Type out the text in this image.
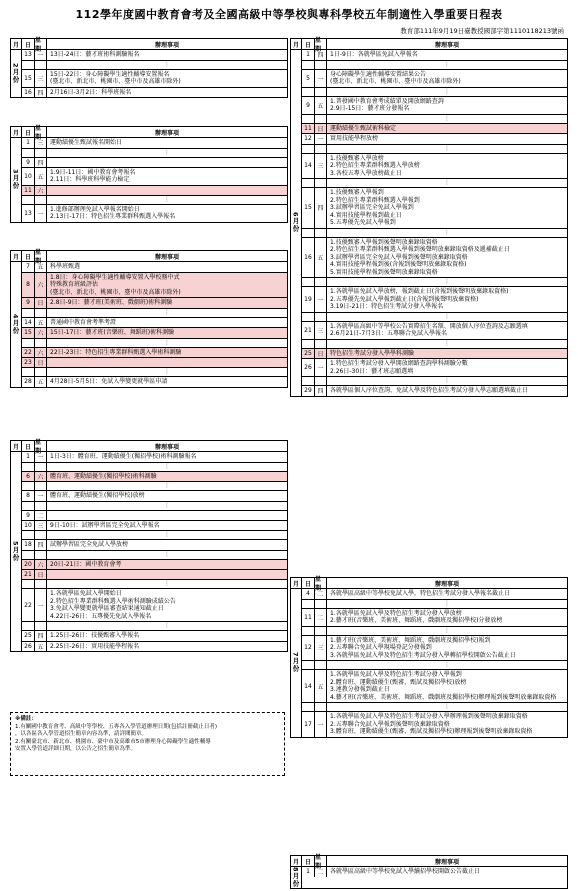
112學年度國中教育會考及全國高級中等學校與專科學校五年制適性入學重要日程表
教育部111年9月19日臺教授國部字第1110118213號函
※備註：
1.有關國中教育會考、高級中等學校、五專各入學管道辦理日期(包括註冊截止日者)
，以各區各入學管道招生簡章內容為準，請詳閱簡章。
2.有關臺北市、新北市、桃園市、臺中市及高雄市5市辦理身心障礙學生適性輔導
安置入學管道詳細日期，以公告之招生簡章為準。
月 日
星期
辦理事項
2月份
13 一	13日-24日：藝才班術科測驗報名
⋮
15 三
15日-22日：身心障礙學生適性輔導安置報名
(臺北市、新北市、桃園市、臺中市及高雄市除外)
16 四	2月16日-3月2日：科學班報名
月 日
星期
辦理事項
3月份
1	三	運動績優生甄試報名開始日
⋮
9	四
10 五
1.9日-11日：國中教育會考報名
2.11日：科學班科學能力檢定
11 六
⋮
13 一
1.進修部辦理免試入學報名開始日
2.13日-17日：特色招生專業群科甄選入學報名
月 日
星期
辦理事項
4月份
7	五	科學班甄選
8	六
1.8日：身心障礙學生適性輔導安置入學校務中式
特殊教育班級評估
(臺北市、新北市、桃園市、臺中市及高雄市除外)
9	日	2.8日-9日：藝才班(美術班、戲劇班)術科測驗
⋮
14 五	普通國中教育會考準考證
15 六	15日-17日：藝才班(音樂班、舞蹈班)術科測驗
⋮
22 六	22日-23日：特色招生專業群科甄選入學術科測驗
23 日
⋮
28 五	4月28日-5月5日：免試入學變更就學區申請
月 日
星期
辦理事項
5月份
1	一	1日-3日：體育班、運動績優生(獨招學校)術科測驗報名
⋮
6	六	體育班、運動績優生(獨招學校)術科測驗
⋮
8	一	體育班、運動績優生(獨招學校)放榜
⋮
9	二
10 三	9日-10日：試辦學習區完全免試入學報名
⋮
18 四	試辦學習區完全免試入學放榜
⋮
20 六	20日-21日：國中教育會考
21 日
⋮
22 一
1.各就學區免試入學開始日
2.特色招生專業群科甄選入學術科測驗成績公告
3.免試入學變更就學區審查結果通知截止日
4.22日-26日：五專優先免試入學報名
⋮
25 四	1.25日-26日：技優甄審入學報名
26 五	2.25日-26日：實用技能學程報名
月 日
星期
辦理事項
6月份
1	四	1日-9日：各就學區免試入學報名
⋮
5	一
身心障礙學生適性輔導安置結果公告
(臺北市、新北市、桃園市、臺中市及高雄市除外)
⋮
9	五
1.普發國中教育會考成績單及開放網路查詢
2.9日-15日：藝才班分發報名
⋮
11 日	運動績優生甄試術科檢定
12 一	實用技能學程放榜
⋮
14 三
1.技優甄審入學放榜
2.特色招生專業群科甄選入學放榜
3.各校五專入學放榜截止日
⋮
15 四
1.技優甄審入學報到
2.特色招生專業群科甄選入學報到
3.試辦學習區完全免試入學報到
4.實用技能學程報到截止日
5.五專優先免試入學報到
⋮
16 五
1.技優甄審入學報到後聲明放棄錄取資格
2.特色招生專業群科甄選入學報到後聲明放棄錄取資格及遞補截止日
3.試辦學習區完全免試入學報到後聲明放棄錄取資格
4.實用技能學程報到後(含報到後聲明放棄錄取資格)
5.實用技能學程報到後聲明放棄錄取資格
⋮
19 一
1.各就學區免試入學放榜，報到截止日(含報到後聲明放棄錄取資格)
2.五專優先免試入學報到截止日(含報到後聲明放棄資格)
3.19日-21日：特色招生考試分發入學報名
⋮
21 三
1.各就學區高級中等學校公告實際招生名額、開放個人序位查詢及志願選填
2.6月21日-7月3日：五專聯合免試入學報名
⋮
25 日	特色招生考試分發入學學科測驗
26 一
1.特色招生考試分發入學開放網路查詢學科測驗分數
2.26日-30日：藝才班志願選填
⋮
29 四	各就學區個人序位查詢、免試入學及特色招生考試分發入學志願選填截止日
月 日
星期
辦理事項
7月份
4	二	各就學區高級中等學校免試入學，特色招生考試分發入學報名截止日
⋮
11 二
1.各就學區免試入學及特色招生考試分發入學放榜
2.藝才班(音樂班、美術班、舞蹈班、戲劇班及獨招學校)分發放榜
⋮
12 三
1.藝才班(音樂班、美術班、舞蹈班、戲劇班及獨招學校)報到
2.五專聯合免試入學現場登記分發報到
3.各就學區免試入學及特色招生考試分發入學轉招學校開啟公告截止日
⋮
14 五
1.各就學區免試入學及特色招生考試分發入學報到
2.體育班、運動績優生(甄審、甄試及獨招學校)放榜
3.連教分發報到截止日
4.藝才班(音樂班、美術班、舞蹈班、戲劇班及獨招學校)辦理報到後聲明放棄錄取資格
⋮
17 一
1.各就學區免試入學及特色招生考試分發入學辦理報到後聲明放棄錄取資格
2.五專聯合免試入學報到後聲明放棄錄取資格
3.體育班、運動績優生(甄審、甄試及獨招學校)辦理報到後聲明放棄錄取資格
月 日
星期
辦理事項
8月份	1	二	各就學區高級中等學校免試入學續招學校開啟公告截止日
